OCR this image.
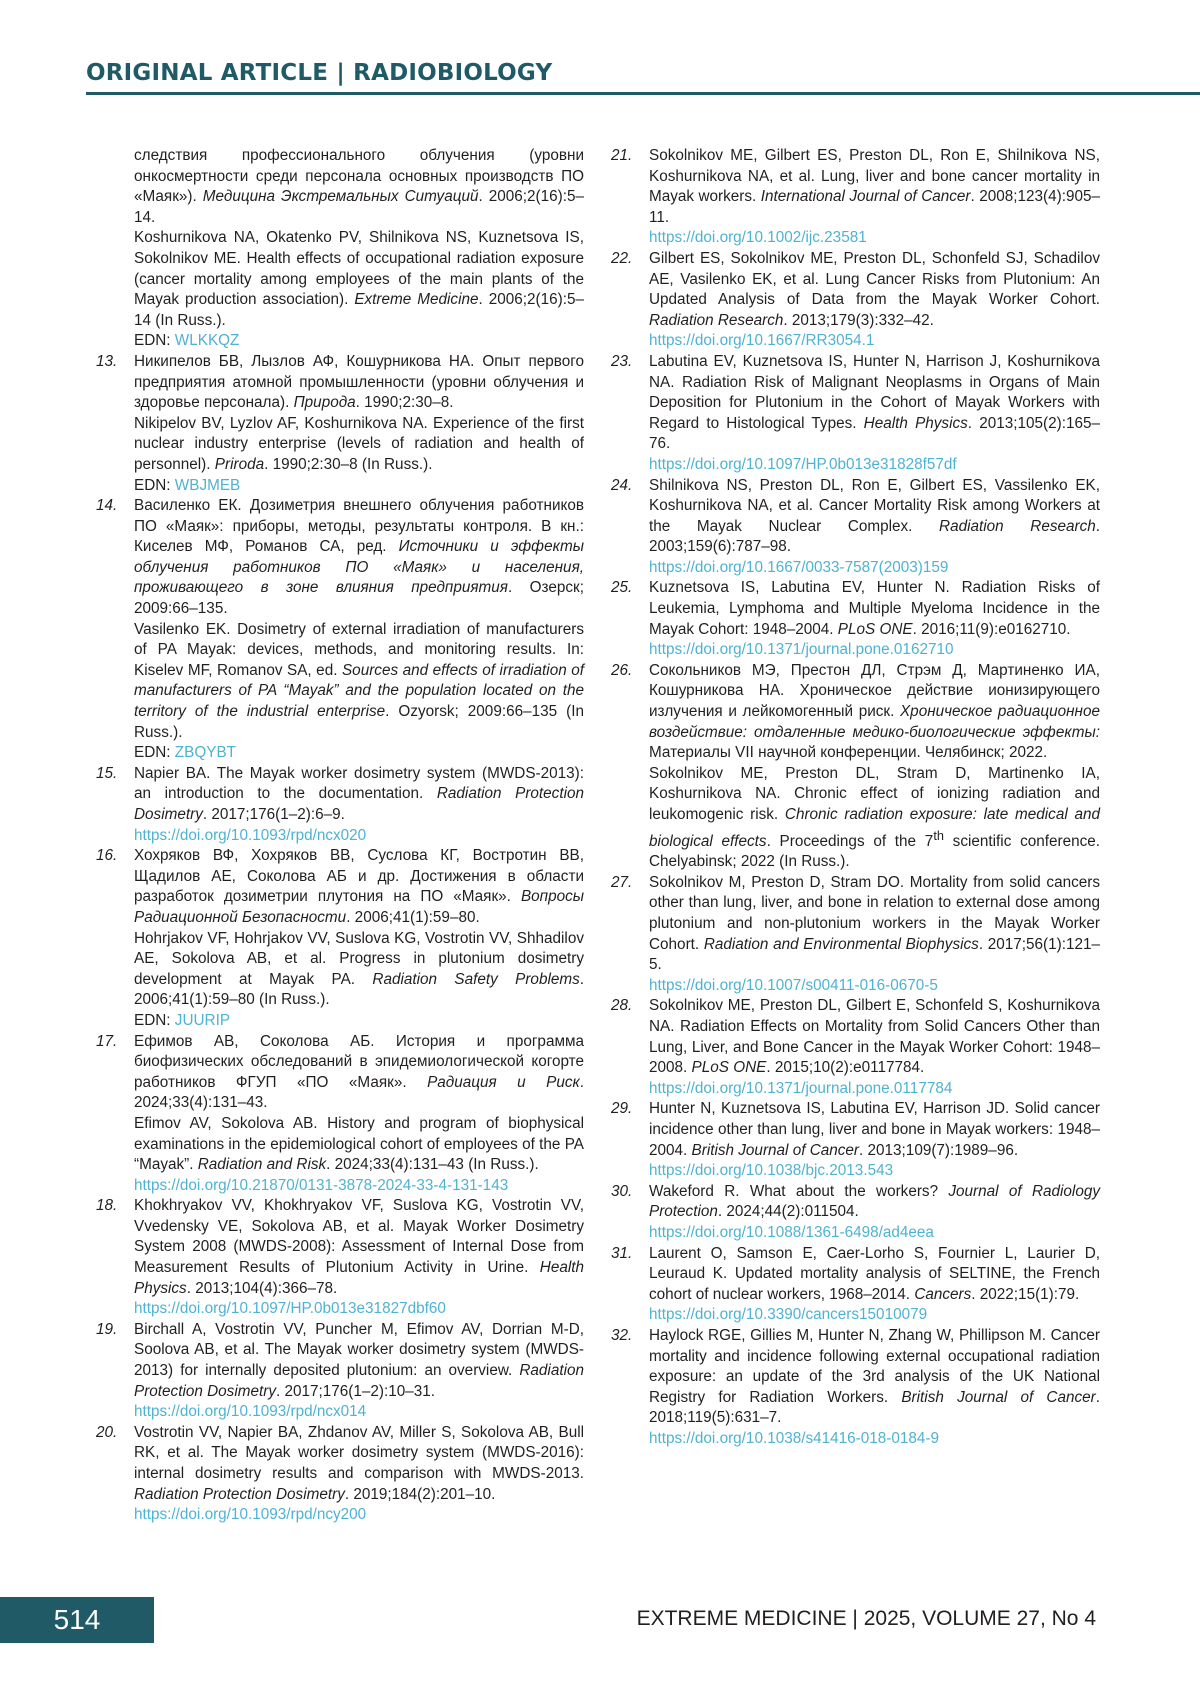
ORIGINAL ARTICLE | RADIOBIOLOGY

следствия профессионального облучения (уровни онкосмертности среди персонала основных производств ПО «Маяк»). Медицина Экстремальных Ситуаций. 2006;2(16):5–14.

Koshurnikova NA, Okatenko PV, Shilnikova NS, Kuznetsova IS, Sokolnikov ME. Health effects of occupational radiation exposure (cancer mortality among employees of the main plants of the Mayak production association). Extreme Medicine. 2006;2(16):5–14 (In Russ.).

EDN: WLKKQZ

13. Никипелов БВ, Лызлов АФ, Кошурникова НА. Опыт первого предприятия атомной промышленности (уровни облучения и здоровье персонала). Природа. 1990;2:30–8.

Nikipelov BV, Lyzlov AF, Koshurnikova NA. Experience of the first nuclear industry enterprise (levels of radiation and health of personnel). Priroda. 1990;2:30–8 (In Russ.).

EDN: WBJMEB

14. Василенко ЕК. Дозиметрия внешнего облучения работников ПО «Маяк»: приборы, методы, результаты контроля. В кн.: Киселев МФ, Романов СА, ред. Источники и эффекты облучения работников ПО «Маяк» и населения, проживающего в зоне влияния предприятия. Озерск; 2009:66–135.

Vasilenko EK. Dosimetry of external irradiation of manufacturers of PA Mayak: devices, methods, and monitoring results. In: Kiselev MF, Romanov SA, ed. Sources and effects of irradiation of manufacturers of PA “Mayak” and the population located on the territory of the industrial enterprise. Ozyorsk; 2009:66–135 (In Russ.).

EDN: ZBQYBT

15. Napier BA. The Mayak worker dosimetry system (MWDS-2013): an introduction to the documentation. Radiation Protection Dosimetry. 2017;176(1–2):6–9.

https://doi.org/10.1093/rpd/ncx020

16. Хохряков ВФ, Хохряков ВВ, Суслова КГ, Востротин ВВ, Щадилов АЕ, Соколова АБ и др. Достижения в области разработок дозиметрии плутония на ПО «Маяк». Вопросы Радиационной Безопасности. 2006;41(1):59–80.

Hohrjakov VF, Hohrjakov VV, Suslova KG, Vostrotin VV, Shhadilov AE, Sokolova AB, et al. Progress in plutonium dosimetry development at Mayak PA. Radiation Safety Problems. 2006;41(1):59–80 (In Russ.).

EDN: JUURIP

17. Ефимов АВ, Соколова АБ. История и программа биофизических обследований в эпидемиологической когорте работников ФГУП «ПО «Маяк». Радиация и Риск. 2024;33(4):131–43.

Efimov AV, Sokolova AB. History and program of biophysical examinations in the epidemiological cohort of employees of the PA “Mayak”. Radiation and Risk. 2024;33(4):131–43 (In Russ.).

https://doi.org/10.21870/0131-3878-2024-33-4-131-143

18. Khokhryakov VV, Khokhryakov VF, Suslova KG, Vostrotin VV, Vvedensky VE, Sokolova AB, et al. Mayak Worker Dosimetry System 2008 (MWDS-2008): Assessment of Internal Dose from Measurement Results of Plutonium Activity in Urine. Health Physics. 2013;104(4):366–78.

https://doi.org/10.1097/HP.0b013e31827dbf60

19. Birchall A, Vostrotin VV, Puncher M, Efimov AV, Dorrian M-D, Soolova AB, et al. The Mayak worker dosimetry system (MWDS-2013) for internally deposited plutonium: an overview. Radiation Protection Dosimetry. 2017;176(1–2):10–31.

https://doi.org/10.1093/rpd/ncx014

20. Vostrotin VV, Napier BA, Zhdanov AV, Miller S, Sokolova AB, Bull RK, et al. The Mayak worker dosimetry system (MWDS-2016): internal dosimetry results and comparison with MWDS-2013. Radiation Protection Dosimetry. 2019;184(2):201–10.

https://doi.org/10.1093/rpd/ncy200

21. Sokolnikov ME, Gilbert ES, Preston DL, Ron E, Shilnikova NS, Koshurnikova NA, et al. Lung, liver and bone cancer mortality in Mayak workers. International Journal of Cancer. 2008;123(4):905–11.

https://doi.org/10.1002/ijc.23581

22. Gilbert ES, Sokolnikov ME, Preston DL, Schonfeld SJ, Schadilov AE, Vasilenko EK, et al. Lung Cancer Risks from Plutonium: An Updated Analysis of Data from the Mayak Worker Cohort. Radiation Research. 2013;179(3):332–42.

https://doi.org/10.1667/RR3054.1

23. Labutina EV, Kuznetsova IS, Hunter N, Harrison J, Koshurnikova NA. Radiation Risk of Malignant Neoplasms in Organs of Main Deposition for Plutonium in the Cohort of Mayak Workers with Regard to Histological Types. Health Physics. 2013;105(2):165–76.

https://doi.org/10.1097/HP.0b013e31828f57df

24. Shilnikova NS, Preston DL, Ron E, Gilbert ES, Vassilenko EK, Koshurnikova NA, et al. Cancer Mortality Risk among Workers at the Mayak Nuclear Complex. Radiation Research. 2003;159(6):787–98.

https://doi.org/10.1667/0033-7587(2003)159

25. Kuznetsova IS, Labutina EV, Hunter N. Radiation Risks of Leukemia, Lymphoma and Multiple Myeloma Incidence in the Mayak Cohort: 1948–2004. PLoS ONE. 2016;11(9):e0162710.

https://doi.org/10.1371/journal.pone.0162710

26. Сокольников МЭ, Престон ДЛ, Стрэм Д, Мартиненко ИА, Кошурникова НА. Хроническое действие ионизирующего излучения и лейкомогенный риск. Хроническое радиационное воздействие: отдаленные медико-биологические эффекты: Материалы VII научной конференции. Челябинск; 2022.

Sokolnikov ME, Preston DL, Stram D, Martinenko IA, Koshurnikova NA. Chronic effect of ionizing radiation and leukomogenic risk. Chronic radiation exposure: late medical and biological effects. Proceedings of the 7th scientific conference. Chelyabinsk; 2022 (In Russ.).

27. Sokolnikov M, Preston D, Stram DO. Mortality from solid cancers other than lung, liver, and bone in relation to external dose among plutonium and non-plutonium workers in the Mayak Worker Cohort. Radiation and Environmental Biophysics. 2017;56(1):121–5.

https://doi.org/10.1007/s00411-016-0670-5

28. Sokolnikov ME, Preston DL, Gilbert E, Schonfeld S, Koshurnikova NA. Radiation Effects on Mortality from Solid Cancers Other than Lung, Liver, and Bone Cancer in the Mayak Worker Cohort: 1948–2008. PLoS ONE. 2015;10(2):e0117784.

https://doi.org/10.1371/journal.pone.0117784

29. Hunter N, Kuznetsova IS, Labutina EV, Harrison JD. Solid cancer incidence other than lung, liver and bone in Mayak workers: 1948–2004. British Journal of Cancer. 2013;109(7):1989–96.

https://doi.org/10.1038/bjc.2013.543

30. Wakeford R. What about the workers? Journal of Radiology Protection. 2024;44(2):011504.

https://doi.org/10.1088/1361-6498/ad4eea

31. Laurent O, Samson E, Caer-Lorho S, Fournier L, Laurier D, Leuraud K. Updated mortality analysis of SELTINE, the French cohort of nuclear workers, 1968–2014. Cancers. 2022;15(1):79.

https://doi.org/10.3390/cancers15010079

32. Haylock RGE, Gillies M, Hunter N, Zhang W, Phillipson M. Cancer mortality and incidence following external occupational radiation exposure: an update of the 3rd analysis of the UK National Registry for Radiation Workers. British Journal of Cancer. 2018;119(5):631–7.

https://doi.org/10.1038/s41416-018-0184-9

514	EXTREME MEDICINE | 2025, VOLUME 27, No 4
